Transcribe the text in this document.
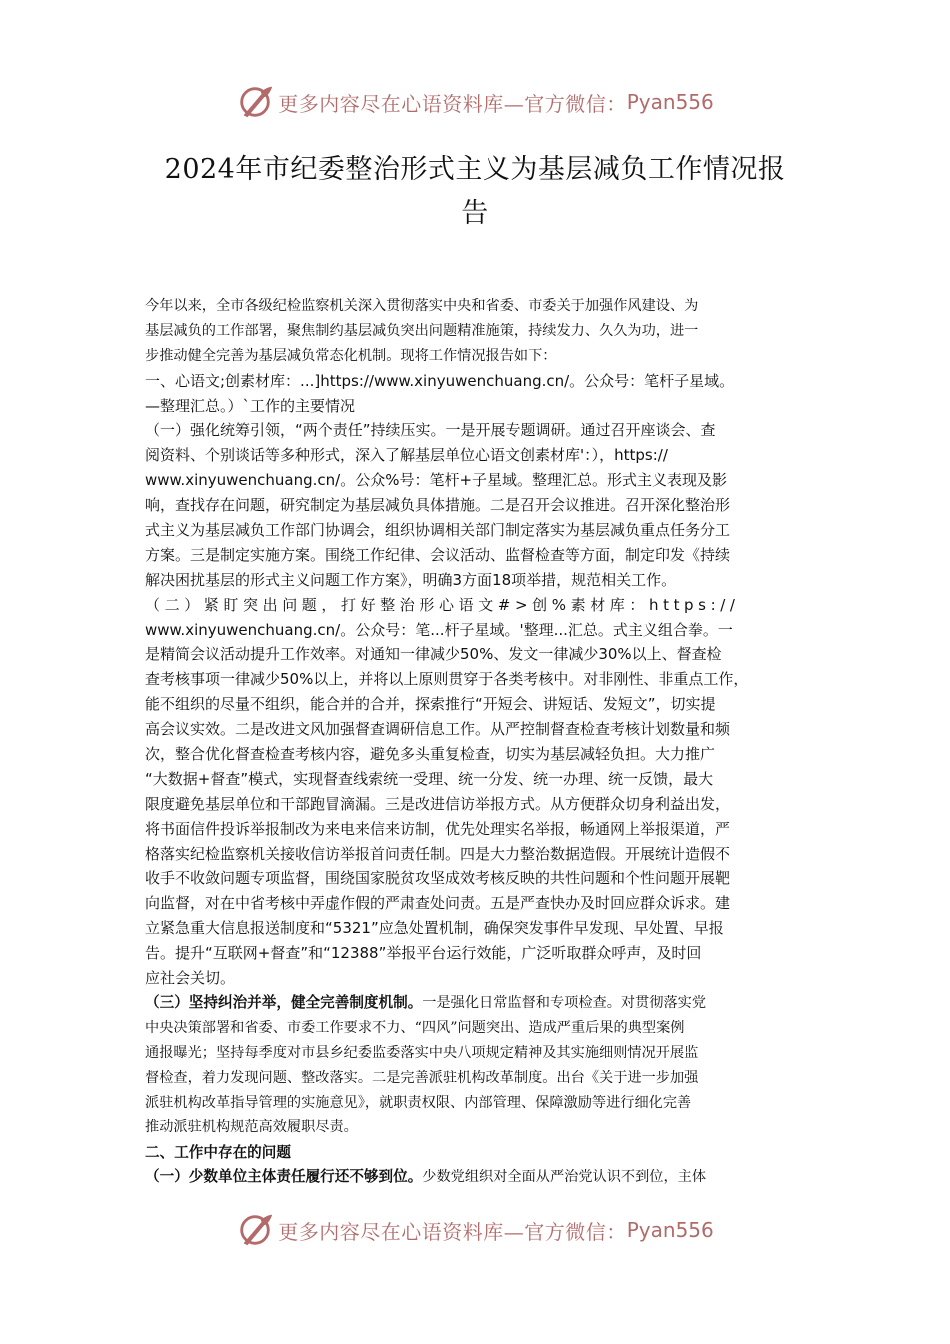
更多内容尽在心语资料库—官方微信： Pyan556
2024年市纪委整治形式主义为基层减负工作情况报
告
今年以来，全市各级纪检监察机关深入贯彻落实中央和省委、市委关于加强作风建设、为
基层减负的工作部署，聚焦制约基层减负突出问题精准施策，持续发力、久久为功，进一
步推动健全完善为基层减负常态化机制。现将工作情况报告如下：
一、心语文;创素材库：...]https://www.xinyuwenchuang.cn/。公众号：笔杆子星域。
—整理汇总。）`工作的主要情况
（一）强化统筹引领，“两个责任”持续压实。一是开展专题调研。通过召开座谈会、查
阅资料、个别谈话等多种形式，深入了解基层单位心语文创素材库'：），https://
www.xinyuwenchuang.cn/。公众%号：笔杆+子星域。整理汇总。形式主义表现及影
响，查找存在问题，研究制定为基层减负具体措施。二是召开会议推进。召开深化整治形
式主义为基层减负工作部门协调会，组织协调相关部门制定落实为基层减负重点任务分工
方案。三是制定实施方案。围绕工作纪律、会议活动、监督检查等方面，制定印发《持续
解决困扰基层的形式主义问题工作方案》，明确3方面18项举措，规范相关工作。
（二）紧盯突出问题，打好整治形心语文#>创%素材库：https://
www.xinyuwenchuang.cn/。公众号：笔...杆子星域。'整理...汇总。式主义组合拳。一
是精简会议活动提升工作效率。对通知一律减少50%、发文一律减少30%以上、督查检
查考核事项一律减少50%以上，并将以上原则贯穿于各类考核中。对非刚性、非重点工作，
能不组织的尽量不组织，能合并的合并，探索推行“开短会、讲短话、发短文”，切实提
高会议实效。二是改进文风加强督查调研信息工作。从严控制督查检查考核计划数量和频
次，整合优化督查检查考核内容，避免多头重复检查，切实为基层减轻负担。大力推广
“大数据+督查”模式，实现督查线索统一受理、统一分发、统一办理、统一反馈，最大
限度避免基层单位和干部跑冒滴漏。三是改进信访举报方式。从方便群众切身利益出发，
将书面信件投诉举报制改为来电来信来访制，优先处理实名举报，畅通网上举报渠道，严
格落实纪检监察机关接收信访举报首问责任制。四是大力整治数据造假。开展统计造假不
收手不收敛问题专项监督，围绕国家脱贫攻坚成效考核反映的共性问题和个性问题开展靶
向监督，对在中省考核中弄虚作假的严肃查处问责。五是严查快办及时回应群众诉求。建
立紧急重大信息报送制度和“5321”应急处置机制，确保突发事件早发现、早处置、早报
告。提升“互联网+督查”和“12388”举报平台运行效能，广泛听取群众呼声，及时回
应社会关切。
（三）坚持纠治并举，健全完善制度机制。一是强化日常监督和专项检查。对贯彻落实党
中央决策部署和省委、市委工作要求不力、“四风”问题突出、造成严重后果的典型案例
通报曝光；坚持每季度对市县乡纪委监委落实中央八项规定精神及其实施细则情况开展监
督检查，着力发现问题、整改落实。二是完善派驻机构改革制度。出台《关于进一步加强
派驻机构改革指导管理的实施意见》，就职责权限、内部管理、保障激励等进行细化完善
推动派驻机构规范高效履职尽责。
二、工作中存在的问题
（一）少数单位主体责任履行还不够到位。少数党组织对全面从严治党认识不到位，主体
更多内容尽在心语资料库—官方微信： Pyan556
